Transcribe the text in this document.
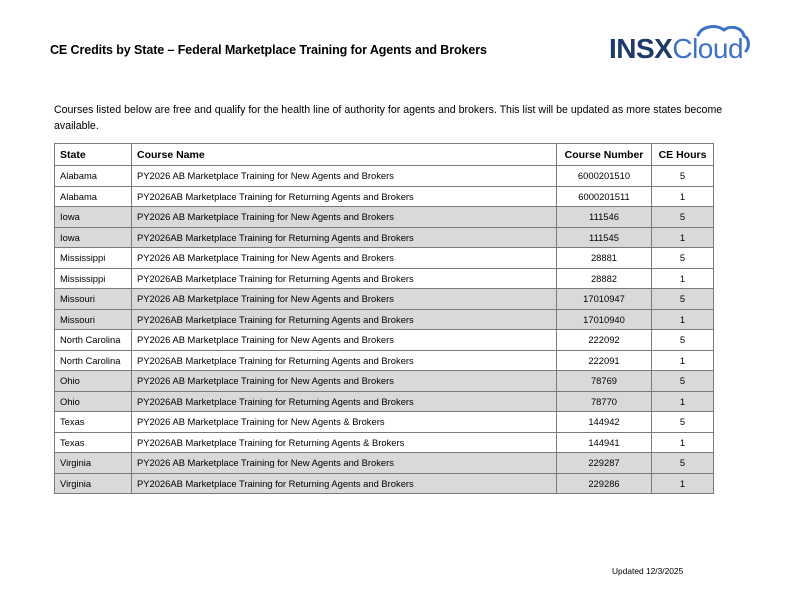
CE Credits by State – Federal Marketplace Training for Agents and Brokers	INSXCloud
Courses listed below are free and qualify for the health line of authority for agents and brokers. This list will be updated as more states become available.
State	Course Name	Course Number	CE Hours
Alabama	PY2026 AB Marketplace Training for New Agents and Brokers	6000201510	5
Alabama	PY2026AB Marketplace Training for Returning Agents and Brokers	6000201511	1
Iowa	PY2026 AB Marketplace Training for New Agents and Brokers	111546	5
Iowa	PY2026AB Marketplace Training for Returning Agents and Brokers	111545	1
Mississippi	PY2026 AB Marketplace Training for New Agents and Brokers	28881	5
Mississippi	PY2026AB Marketplace Training for Returning Agents and Brokers	28882	1
Missouri	PY2026 AB Marketplace Training for New Agents and Brokers	17010947	5
Missouri	PY2026AB Marketplace Training for Returning Agents and Brokers	17010940	1
North Carolina	PY2026 AB Marketplace Training for New Agents and Brokers	222092	5
North Carolina	PY2026AB Marketplace Training for Returning Agents and Brokers	222091	1
Ohio	PY2026 AB Marketplace Training for New Agents and Brokers	78769	5
Ohio	PY2026AB Marketplace Training for Returning Agents and Brokers	78770	1
Texas	PY2026 AB Marketplace Training for New Agents & Brokers	144942	5
Texas	PY2026AB Marketplace Training for Returning Agents & Brokers	144941	1
Virginia	PY2026 AB Marketplace Training for New Agents and Brokers	229287	5
Virginia	PY2026AB Marketplace Training for Returning Agents and Brokers	229286	1
Updated 12/3/2025
